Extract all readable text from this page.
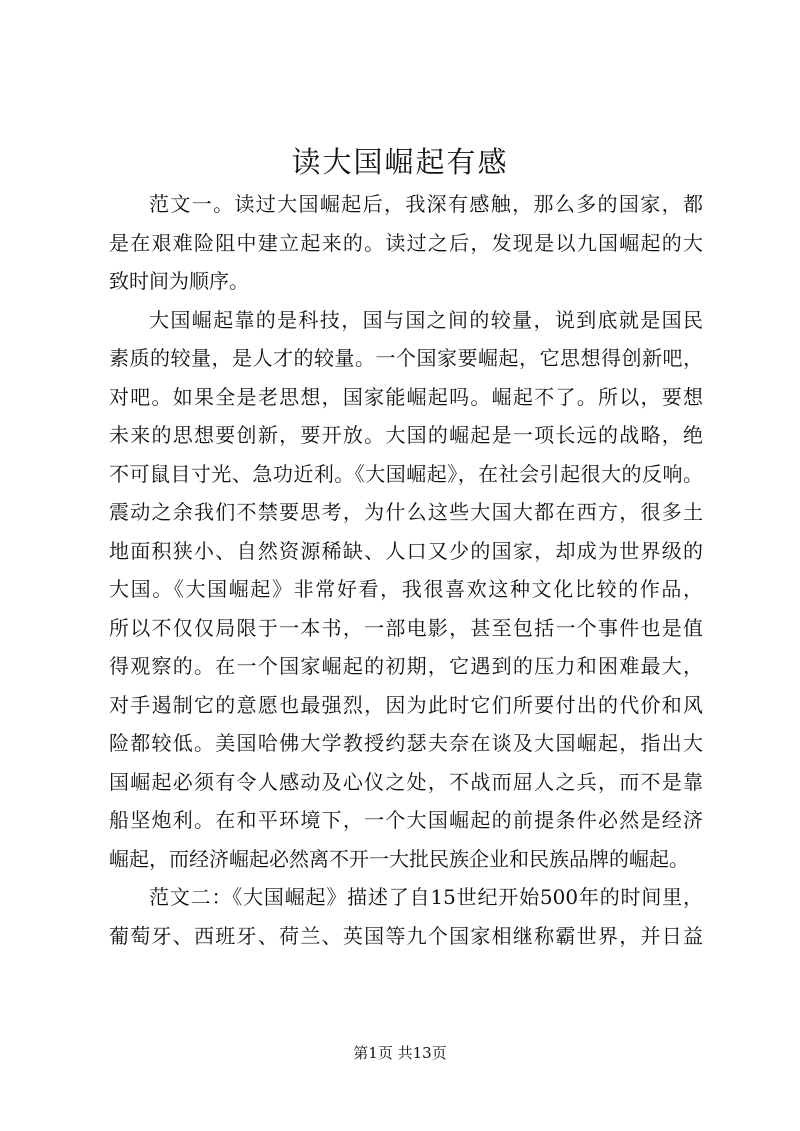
读大国崛起有感

范文一。读过大国崛起后，我深有感触，那么多的国家，都
是在艰难险阻中建立起来的。读过之后，发现是以九国崛起的大
致时间为顺序。

大国崛起靠的是科技，国与国之间的较量，说到底就是国民
素质的较量，是人才的较量。一个国家要崛起，它思想得创新吧，
对吧。如果全是老思想，国家能崛起吗。崛起不了。所以，要想
未来的思想要创新，要开放。大国的崛起是一项长远的战略，绝
不可鼠目寸光、急功近利。《大国崛起》，在社会引起很大的反响。
震动之余我们不禁要思考，为什么这些大国大都在西方，很多土
地面积狭小、自然资源稀缺、人口又少的国家，却成为世界级的
大国。《大国崛起》非常好看，我很喜欢这种文化比较的作品，
所以不仅仅局限于一本书，一部电影，甚至包括一个事件也是值
得观察的。在一个国家崛起的初期，它遇到的压力和困难最大，
对手遏制它的意愿也最强烈，因为此时它们所要付出的代价和风
险都较低。美国哈佛大学教授约瑟夫奈在谈及大国崛起，指出大
国崛起必须有令人感动及心仪之处，不战而屈人之兵，而不是靠
船坚炮利。在和平环境下，一个大国崛起的前提条件必然是经济
崛起，而经济崛起必然离不开一大批民族企业和民族品牌的崛起。

范文二：《大国崛起》描述了自15世纪开始500年的时间里，
葡萄牙、西班牙、荷兰、英国等九个国家相继称霸世界，并日益

第1页 共13页
